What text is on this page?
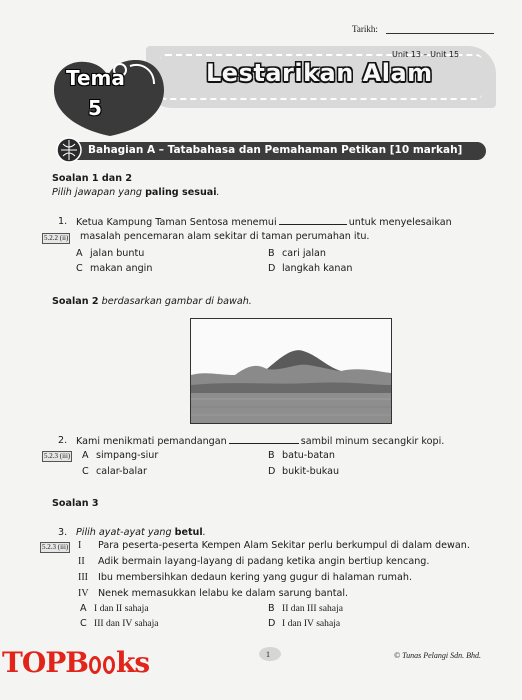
Tarikh:
Unit 13 – Unit 15
Lestarikan Alam
Tema
5
Bahagian A – Tatabahasa dan Pemahaman Petikan [10 markah]
Soalan 1 dan 2
Pilih jawapan yang paling sesuai.
1. Ketua Kampung Taman Sentosa menemui	untuk menyelesaikan
5.2.2 (ii) masalah pencemaran alam sekitar di taman perumahan itu.
A jalan buntu	B cari jalan
C makan angin	D langkah kanan
Soalan 2 berdasarkan gambar di bawah.
2. Kami menikmati pemandangan	sambil minum secangkir kopi.
5.2.3 (iii) A simpang-siur	B batu-batan
C calar-balar	D bukit-bukau
Soalan 3
3. Pilih ayat-ayat yang betul.
5.2.3 (iii) I Para peserta-peserta Kempen Alam Sekitar perlu berkumpul di dalam dewan.
II Adik bermain layang-layang di padang ketika angin bertiup kencang.
III Ibu membersihkan dedaun kering yang gugur di halaman rumah.
IV Nenek memasukkan lelabu ke dalam sarung bantal.
A I dan II sahaja	B II dan III sahaja
C III dan IV sahaja	D I dan IV sahaja
1	© Tunas Pelangi Sdn. Bhd.
TOPB ks
